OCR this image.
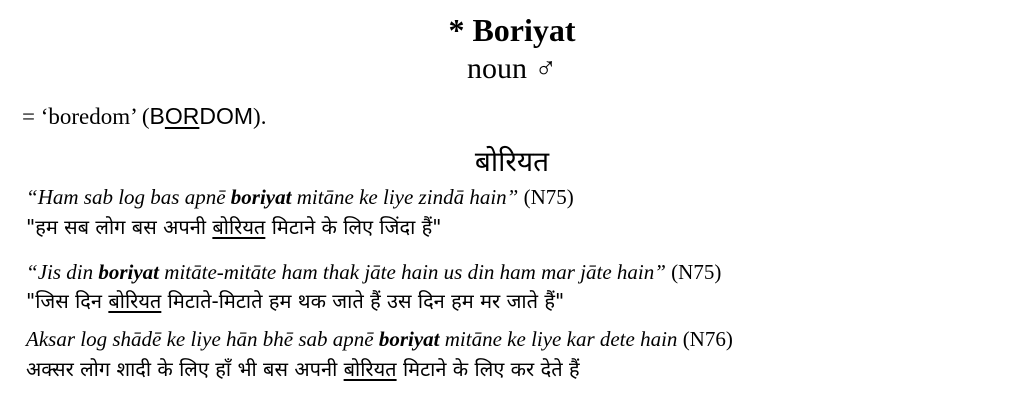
* Boriyat
noun ♂
= ‘boredom’ (BORDOM).
बोरियत
“Ham sab log bas apnē boriyat mitāne ke liye zindā hain” (N75)
"हम सब लोग बस अपनी बोरियत मिटाने के लिए जिंदा हैं"
“Jis din boriyat mitāte-mitāte ham thak jāte hain us din ham mar jāte hain” (N75)
"जिस दिन बोरियत मिटाते-मिटाते हम थक जाते हैं उस दिन हम मर जाते हैं"
Aksar log shādē ke liye hān bhē sab apnē boriyat mitāne ke liye kar dete hain (N76)
अक्सर लोग शादी के लिए हाँ भी बस अपनी बोरियत मिटाने के लिए कर देते हैं
